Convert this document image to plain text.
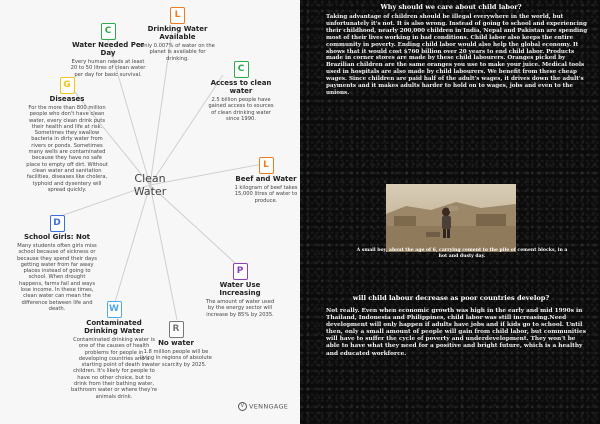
Clean Water
L
Drinking Water Available
Only 0.007% of water on the planet is available for drinking.
C
Access to clean water
2.5 billion people have gained access to sources of clean drinking water since 1990.
L
Beef and Water
1 kilogram of beef takes 15,000 litres of water to produce.
P
Water Use Increasing
The amount of water used by the energy sector will increase by 85% by 2035.
R
No water
1.8 million people will be living in regions of absolute water scarcity by 2025.
W
Contaminated Drinking Water
Contaminated drinking water is one of the causes of health problems for people in developing countries and a starting point of death in children. It's likely for people to have no other choice, but to drink from their bathing water, bathroom water or where they're animals drink.
D
School Girls: Not
Many students often girls miss school because of sickness or because they spend their days getting water from far away places instead of going to school. When drought happens, farms fail and ways lose income. In these times, clean water can mean the difference between life and death.
G
Diseases
For the more than 800 million people who don't have clean water, every clean drink puts their health and life at risk. Sometimes they swallow bacteria in dirty water from rivers or ponds. Sometimes many wells are contaminated because they have no safe place to empty off dirt. Without clean water and sanitation facilities, diseases like cholera, typhoid and dysentery will spread quickly.
C
Water Needed Per Day
Every human needs at least 20 to 50 litres of clean water per day for basic survival.
V VENNGAGE
Why should we care about child labor?

Taking advantage of children should be illegal everywhere in the world, but unfortunately it's not. It is also wrong. Instead of going to school and experiencing their childhood, nearly 200,000 children in India, Nepal and Pakistan are spending most of their lives working in bad conditions. Child labor also keeps the entire community in poverty. Ending child labor would also help the global economy. It shows that it would cost $760 billion over 20 years to end child labor. Products made in corner stores are made by these child labourers. Oranges picked by Brazilian children are the same oranges you use to make your juice. Medical tools used in hospitals are also made by child labourers. We benefit from these cheap wages. Since children are paid half of the adult's wages, it drives down the adult's payments and it makes adults harder to hold on to wages, jobs and even to the unions.

A small boy, about the age of 6, carrying cement to the pile of cement blocks, in a hot and dusty day.
will child labour decrease as poor countries develop?

Not really. Even when economic growth was high in the early and mid 1990s in Thailand, Indonesia and Philippines, child labor was still increasing.Need development will only happen if adults have jobs and if kids go to school. Until then, only a small amount of people will gain from child labor, but communities will have to suffer the cycle of poverty and underdevelopment. They won't be able to have what they need for a positive and bright future, which is a healthy and educated workforce.
